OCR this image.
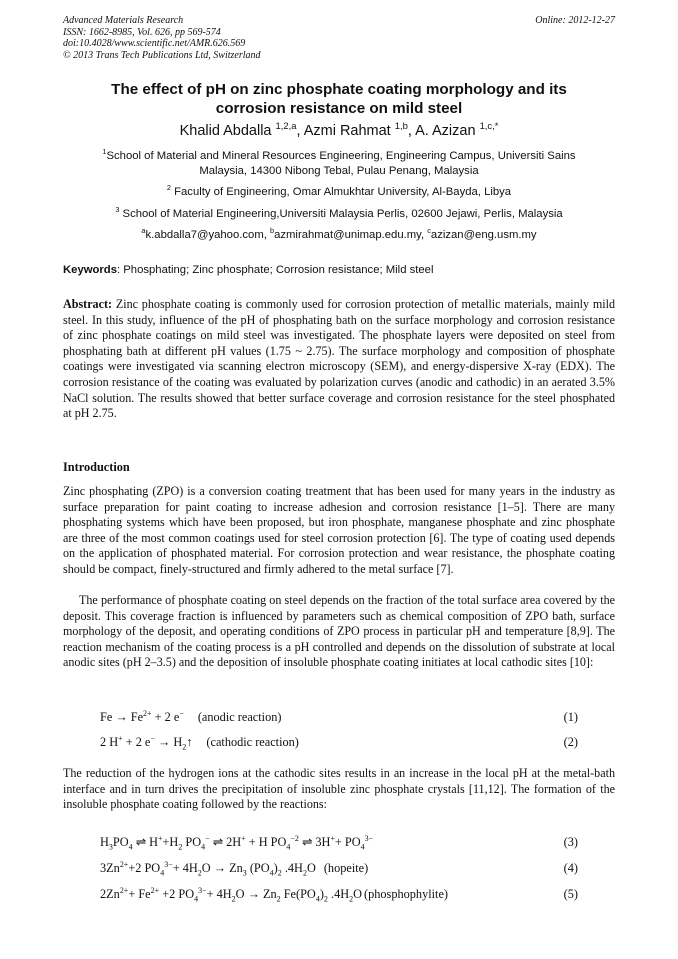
Advanced Materials Research
ISSN: 1662-8985, Vol. 626, pp 569-574
doi:10.4028/www.scientific.net/AMR.626.569
© 2013 Trans Tech Publications Ltd, Switzerland
Online: 2012-12-27
The effect of pH on zinc phosphate coating morphology and its
corrosion resistance on mild steel
Khalid Abdalla $^{1,2,a}$, Azmi Rahmat $^{1,b}$, A. Azizan $^{1,c,*}$
$^1$School of Material and Mineral Resources Engineering, Engineering Campus, Universiti Sains
Malaysia, 14300 Nibong Tebal, Pulau Penang, Malaysia
$^2$ Faculty of Engineering, Omar Almukhtar University, Al-Bayda, Libya
$^3$ School of Material Engineering,Universiti Malaysia Perlis, 02600 Jejawi, Perlis, Malaysia
$^a$k.abdalla7@yahoo.com, $^b$azmirahmat@unimap.edu.my, $^c$azizan@eng.usm.my
Keywords: Phosphating; Zinc phosphate; Corrosion resistance; Mild steel
Abstract: Zinc phosphate coating is commonly used for corrosion protection of metallic materials, mainly mild steel. In this study, influence of the pH of phosphating bath on the surface morphology and corrosion resistance of zinc phosphate coatings on mild steel was investigated. The phosphate layers were deposited on steel from phosphating bath at different pH values (1.75 ~ 2.75). The surface morphology and composition of phosphate coatings were investigated via scanning electron microscopy (SEM), and energy-dispersive X-ray (EDX). The corrosion resistance of the coating was evaluated by polarization curves (anodic and cathodic) in an aerated 3.5% NaCl solution. The results showed that better surface coverage and corrosion resistance for the steel phosphated at pH 2.75.
Introduction
Zinc phosphating (ZPO) is a conversion coating treatment that has been used for many years in the industry as surface preparation for paint coating to increase adhesion and corrosion resistance [1–5]. There are many phosphating systems which have been proposed, but iron phosphate, manganese phosphate and zinc phosphate are three of the most common coatings used for steel corrosion protection [6]. The type of coating used depends on the application of phosphated material. For corrosion protection and wear resistance, the phosphate coating should be compact, finely-structured and firmly adhered to the metal surface [7].
The performance of phosphate coating on steel depends on the fraction of the total surface area covered by the deposit. This coverage fraction is influenced by parameters such as chemical composition of ZPO bath, surface morphology of the deposit, and operating conditions of ZPO process in particular pH and temperature [8,9]. The reaction mechanism of the coating process is a pH controlled and depends on the dissolution of substrate at local anodic sites (pH 2–3.5) and the deposition of insoluble phosphate coating initiates at local cathodic sites [10]:
$Fe \to Fe^{2+} + 2$ e− (anodic reaction)	(1)
2 H+ + 2 $e^- \to H_2↑$ (cathodic reaction)	(2)
The reduction of the hydrogen ions at the cathodic sites results in an increase in the local pH at the metal-bath interface and in turn drives the precipitation of insoluble zinc phosphate crystals [11,12]. The formation of the insoluble phosphate coating followed by the reactions:
$H_3PO_4$ ⇌ $H^++H_2$ $PO_4^-$ ⇌ 2H+ + H $PO_4^{-2}$ ⇌ $3H^++ PO_4^{3-}$	(3)
$3Zn^{2+}+2$ $PO_4^{3-}+ 4H_2O \to Zn_3$ $(PO_4)_2$ $.4H_2O$ (hopeite)	(4)
$2Zn^{2+}+ Fe^{2+} +2$ $PO_4^{3-}+ 4H_2O \to Zn_2$ $Fe(PO_4)_2$ $.4H_2O$ (phosphophylite)	(5)
